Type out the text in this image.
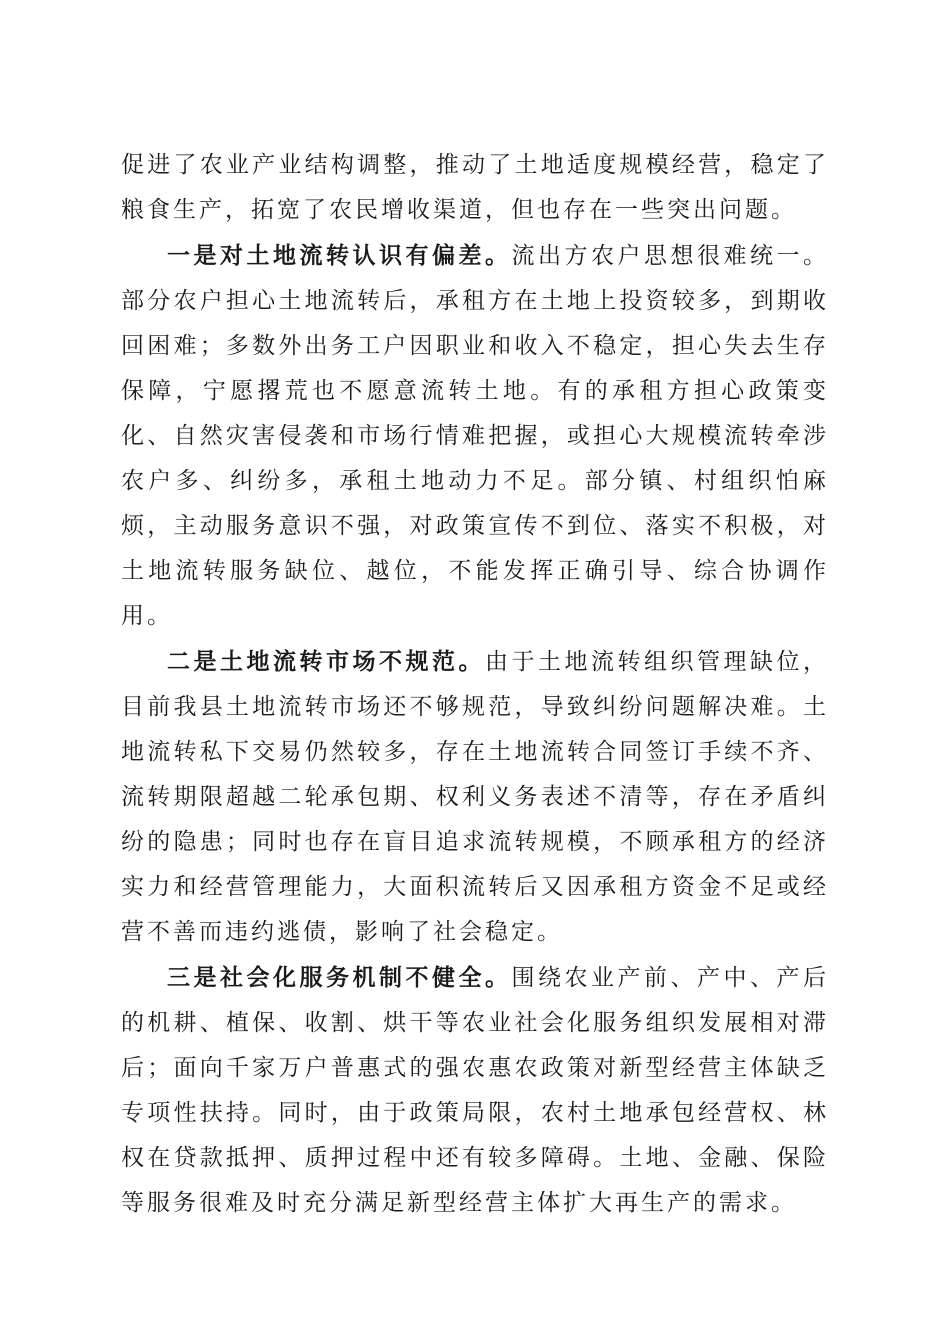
促进了农业产业结构调整，推动了土地适度规模经营，稳定了粮食生产，拓宽了农民增收渠道，但也存在一些突出问题。

一是对土地流转认识有偏差。流出方农户思想很难统一。部分农户担心土地流转后，承租方在土地上投资较多，到期收回困难；多数外出务工户因职业和收入不稳定，担心失去生存保障，宁愿撂荒也不愿意流转土地。有的承租方担心政策变化、自然灾害侵袭和市场行情难把握，或担心大规模流转牵涉农户多、纠纷多，承租土地动力不足。部分镇、村组织怕麻烦，主动服务意识不强，对政策宣传不到位、落实不积极，对土地流转服务缺位、越位，不能发挥正确引导、综合协调作用。

二是土地流转市场不规范。由于土地流转组织管理缺位，目前我县土地流转市场还不够规范，导致纠纷问题解决难。土地流转私下交易仍然较多，存在土地流转合同签订手续不齐、流转期限超越二轮承包期、权利义务表述不清等，存在矛盾纠纷的隐患；同时也存在盲目追求流转规模，不顾承租方的经济实力和经营管理能力，大面积流转后又因承租方资金不足或经营不善而违约逃债，影响了社会稳定。

三是社会化服务机制不健全。围绕农业产前、产中、产后的机耕、植保、收割、烘干等农业社会化服务组织发展相对滞后；面向千家万户普惠式的强农惠农政策对新型经营主体缺乏专项性扶持。同时，由于政策局限，农村土地承包经营权、林权在贷款抵押、质押过程中还有较多障碍。土地、金融、保险等服务很难及时充分满足新型经营主体扩大再生产的需求。
